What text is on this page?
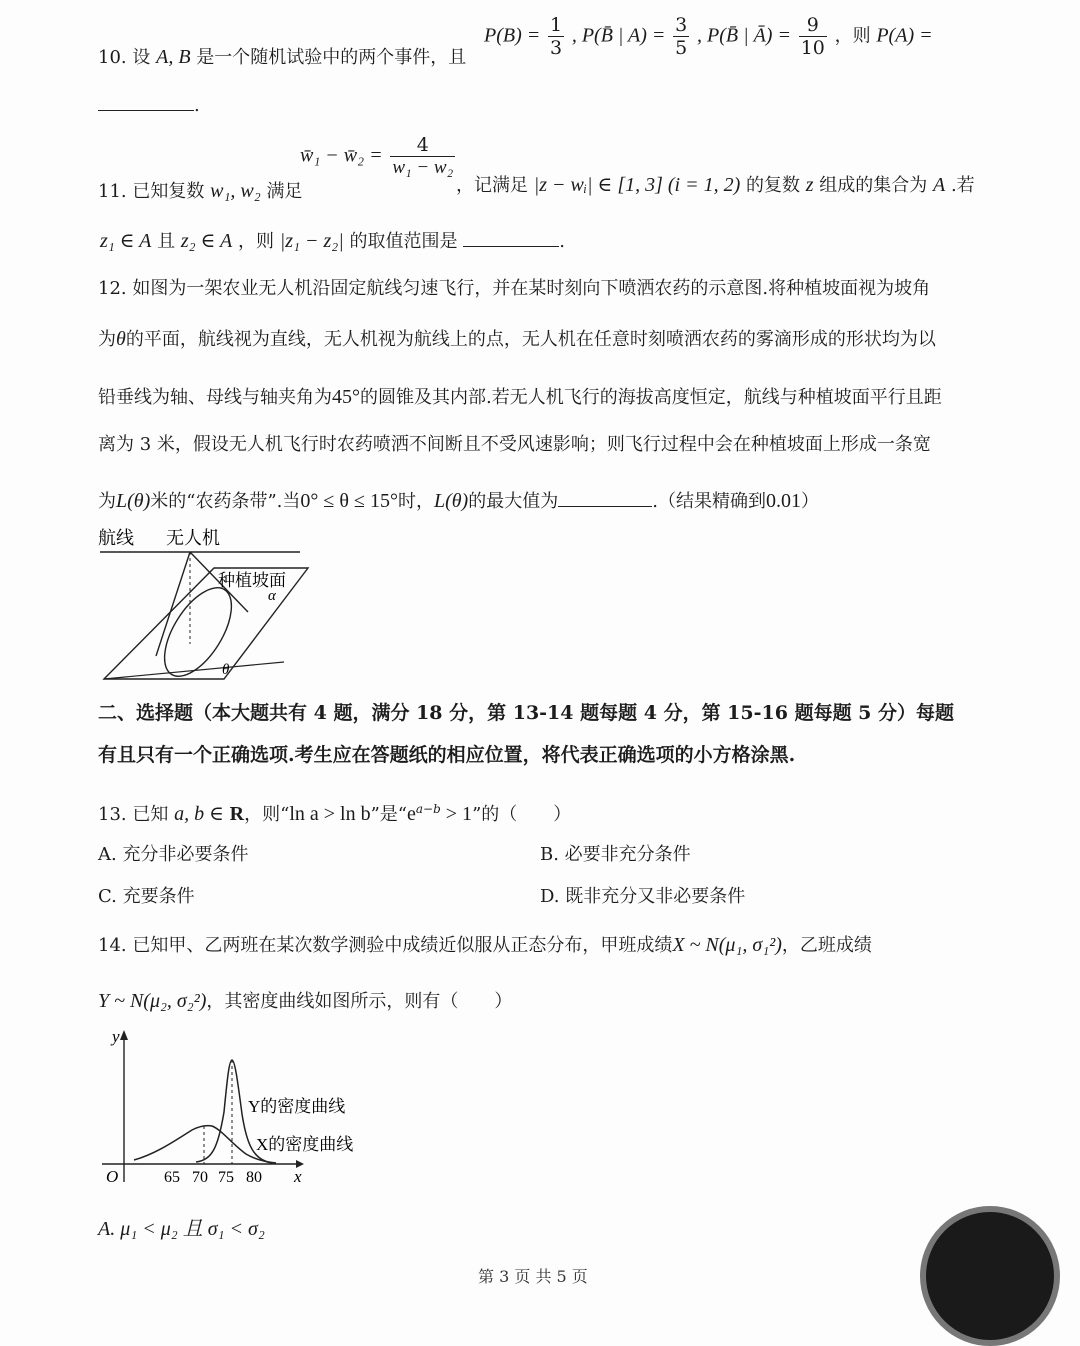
10. 设 A, B 是一个随机试验中的两个事件，且
$P(B) = \frac{1}{3}$ , P(B̄ | $A) = \frac{3}{5}$ , P(B̄ | Ā) = $\frac{9}{10}$ ，则 P(A) =
.
11. 已知复数 w₁, w₂ 满足
w̄₁ − w̄₂ = $\frac{4}{\text{w₁ − w₂}}$
，记满足 |z − wᵢ| ∈ [1, 3] (i = 1, 2) 的复数 z 组成的集合为 A .若
z₁ ∈ A 且 z₂ ∈ A ，则 |z₁ − z₂| 的取值范围是	.
12. 如图为一架农业无人机沿固定航线匀速飞行，并在某时刻向下喷洒农药的示意图.将种植坡面视为坡角
为θ的平面，航线视为直线，无人机视为航线上的点，无人机在任意时刻喷洒农药的雾滴形成的形状均为以
铅垂线为轴、母线与轴夹角为45°的圆锥及其内部.若无人机飞行的海拔高度恒定，航线与种植坡面平行且距
离为 3 米，假设无人机飞行时农药喷洒不间断且不受风速影响；则飞行过程中会在种植坡面上形成一条宽
为L(θ)米的“农药条带”.当0° ≤ θ ≤ 15°时，L(θ)的最大值为	.（结果精确到0.01）
航线 无人机
种植坡面
α
θ
二、选择题（本大题共有 4 题，满分 18 分，第 13-14 题每题 4 分，第 15-16 题每题 5 分）每题
有且只有一个正确选项.考生应在答题纸的相应位置，将代表正确选项的小方格涂黑.
13. 已知 a, b ∈ R，则“ln a > ln b”是“$e^{a-b} > 1$”的（　　）
A. 充分非必要条件	B. 必要非充分条件
C. 充要条件	D. 既非充分又非必要条件
14. 已知甲、乙两班在某次数学测验中成绩近似服从正态分布，甲班成绩X ~ N(μ₁, σ₁²)，乙班成绩
Y ~ N(μ₂, σ₂²)，其密度曲线如图所示，则有（　　）
y
x
O	65 70 75 80
Y的密度曲线
X的密度曲线
A. μ₁ < μ₂ 且 σ₁ < σ₂
第 3 页 共 5 页
